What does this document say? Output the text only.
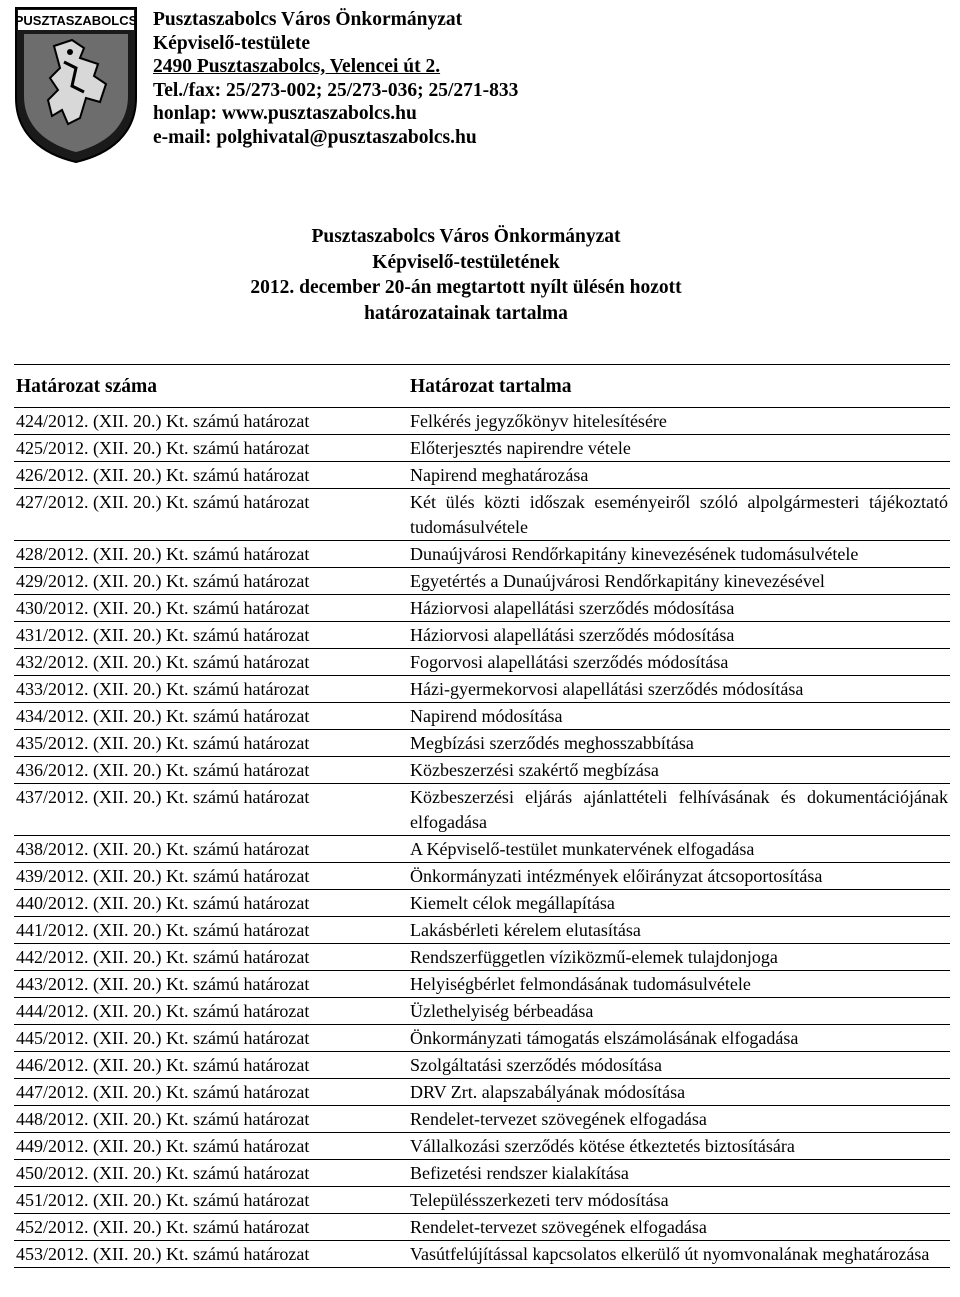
PUSZTASZABOLCS Pusztaszabolcs Város Önkormányzat
Képviselő-testülete
2490 Pusztaszabolcs, Velencei út 2.
Tel./fax: 25/273-002; 25/273-036; 25/271-833
honlap: www.pusztaszabolcs.hu
e-mail: polghivatal@pusztaszabolcs.hu
Pusztaszabolcs Város Önkormányzat
Képviselő-testületének
2012. december 20-án megtartott nyílt ülésén hozott
határozatainak tartalma
Határozat száma	Határozat tartalma
424/2012. (XII. 20.) Kt. számú határozat	Felkérés jegyzőkönyv hitelesítésére
425/2012. (XII. 20.) Kt. számú határozat	Előterjesztés napirendre vétele
426/2012. (XII. 20.) Kt. számú határozat	Napirend meghatározása
427/2012. (XII. 20.) Kt. számú határozat	Két ülés közti időszak eseményeiről szóló alpolgármesteri tájékoztató tudomásulvétele
428/2012. (XII. 20.) Kt. számú határozat	Dunaújvárosi Rendőrkapitány kinevezésének tudomásulvétele
429/2012. (XII. 20.) Kt. számú határozat	Egyetértés a Dunaújvárosi Rendőrkapitány kinevezésével
430/2012. (XII. 20.) Kt. számú határozat	Háziorvosi alapellátási szerződés módosítása
431/2012. (XII. 20.) Kt. számú határozat	Háziorvosi alapellátási szerződés módosítása
432/2012. (XII. 20.) Kt. számú határozat	Fogorvosi alapellátási szerződés módosítása
433/2012. (XII. 20.) Kt. számú határozat	Házi-gyermekorvosi alapellátási szerződés módosítása
434/2012. (XII. 20.) Kt. számú határozat	Napirend módosítása
435/2012. (XII. 20.) Kt. számú határozat	Megbízási szerződés meghosszabbítása
436/2012. (XII. 20.) Kt. számú határozat	Közbeszerzési szakértő megbízása
437/2012. (XII. 20.) Kt. számú határozat	Közbeszerzési eljárás ajánlattételi felhívásának és dokumentációjának elfogadása
438/2012. (XII. 20.) Kt. számú határozat	A Képviselő-testület munkatervének elfogadása
439/2012. (XII. 20.) Kt. számú határozat	Önkormányzati intézmények előirányzat átcsoportosítása
440/2012. (XII. 20.) Kt. számú határozat	Kiemelt célok megállapítása
441/2012. (XII. 20.) Kt. számú határozat	Lakásbérleti kérelem elutasítása
442/2012. (XII. 20.) Kt. számú határozat	Rendszerfüggetlen víziközmű-elemek tulajdonjoga
443/2012. (XII. 20.) Kt. számú határozat	Helyiségbérlet felmondásának tudomásulvétele
444/2012. (XII. 20.) Kt. számú határozat	Üzlethelyiség bérbeadása
445/2012. (XII. 20.) Kt. számú határozat	Önkormányzati támogatás elszámolásának elfogadása
446/2012. (XII. 20.) Kt. számú határozat	Szolgáltatási szerződés módosítása
447/2012. (XII. 20.) Kt. számú határozat	DRV Zrt. alapszabályának módosítása
448/2012. (XII. 20.) Kt. számú határozat	Rendelet-tervezet szövegének elfogadása
449/2012. (XII. 20.) Kt. számú határozat	Vállalkozási szerződés kötése étkeztetés biztosítására
450/2012. (XII. 20.) Kt. számú határozat	Befizetési rendszer kialakítása
451/2012. (XII. 20.) Kt. számú határozat	Településszerkezeti terv módosítása
452/2012. (XII. 20.) Kt. számú határozat	Rendelet-tervezet szövegének elfogadása
453/2012. (XII. 20.) Kt. számú határozat	Vasútfelújítással kapcsolatos elkerülő út nyomvonalának meghatározása
